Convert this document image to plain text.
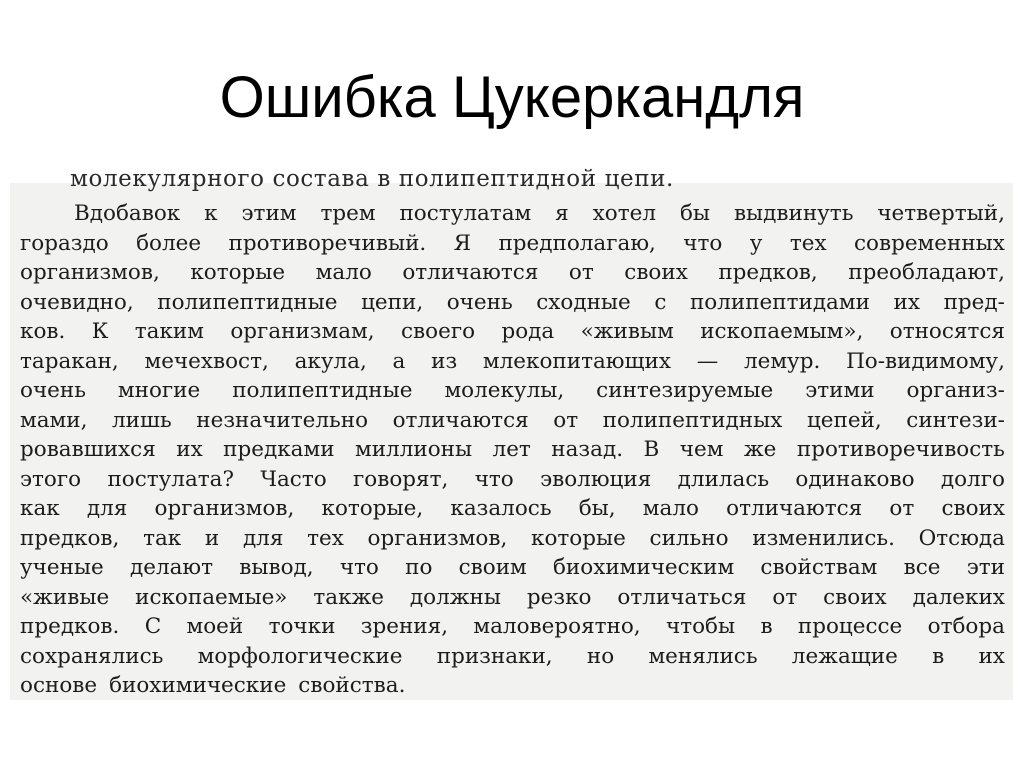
Ошибка Цукеркандля
молекулярного состава в полипептидной цепи.
Вдобавок к этим трем постулатам я хотел бы выдвинуть четвертый,
гораздо более противоречивый. Я предполагаю, что у тех современных
организмов, которые мало отличаются от своих предков, преобладают,
очевидно, полипептидные цепи, очень сходные с полипептидами их пред-
ков. К таким организмам, своего рода «живым ископаемым», относятся
таракан, мечехвост, акула, а из млекопитающих — лемур. По-видимому,
очень многие полипептидные молекулы, синтезируемые этими организ-
мами, лишь незначительно отличаются от полипептидных цепей, синтези-
ровавшихся их предками миллионы лет назад. В чем же противоречивость
этого постулата? Часто говорят, что эволюция длилась одинаково долго
как для организмов, которые, казалось бы, мало отличаются от своих
предков, так и для тех организмов, которые сильно изменились. Отсюда
ученые делают вывод, что по своим биохимическим свойствам все эти
«живые ископаемые» также должны резко отличаться от своих далеких
предков. С моей точки зрения, маловероятно, чтобы в процессе отбора
сохранялись морфологические признаки, но менялись лежащие в их
основе биохимические свойства.
